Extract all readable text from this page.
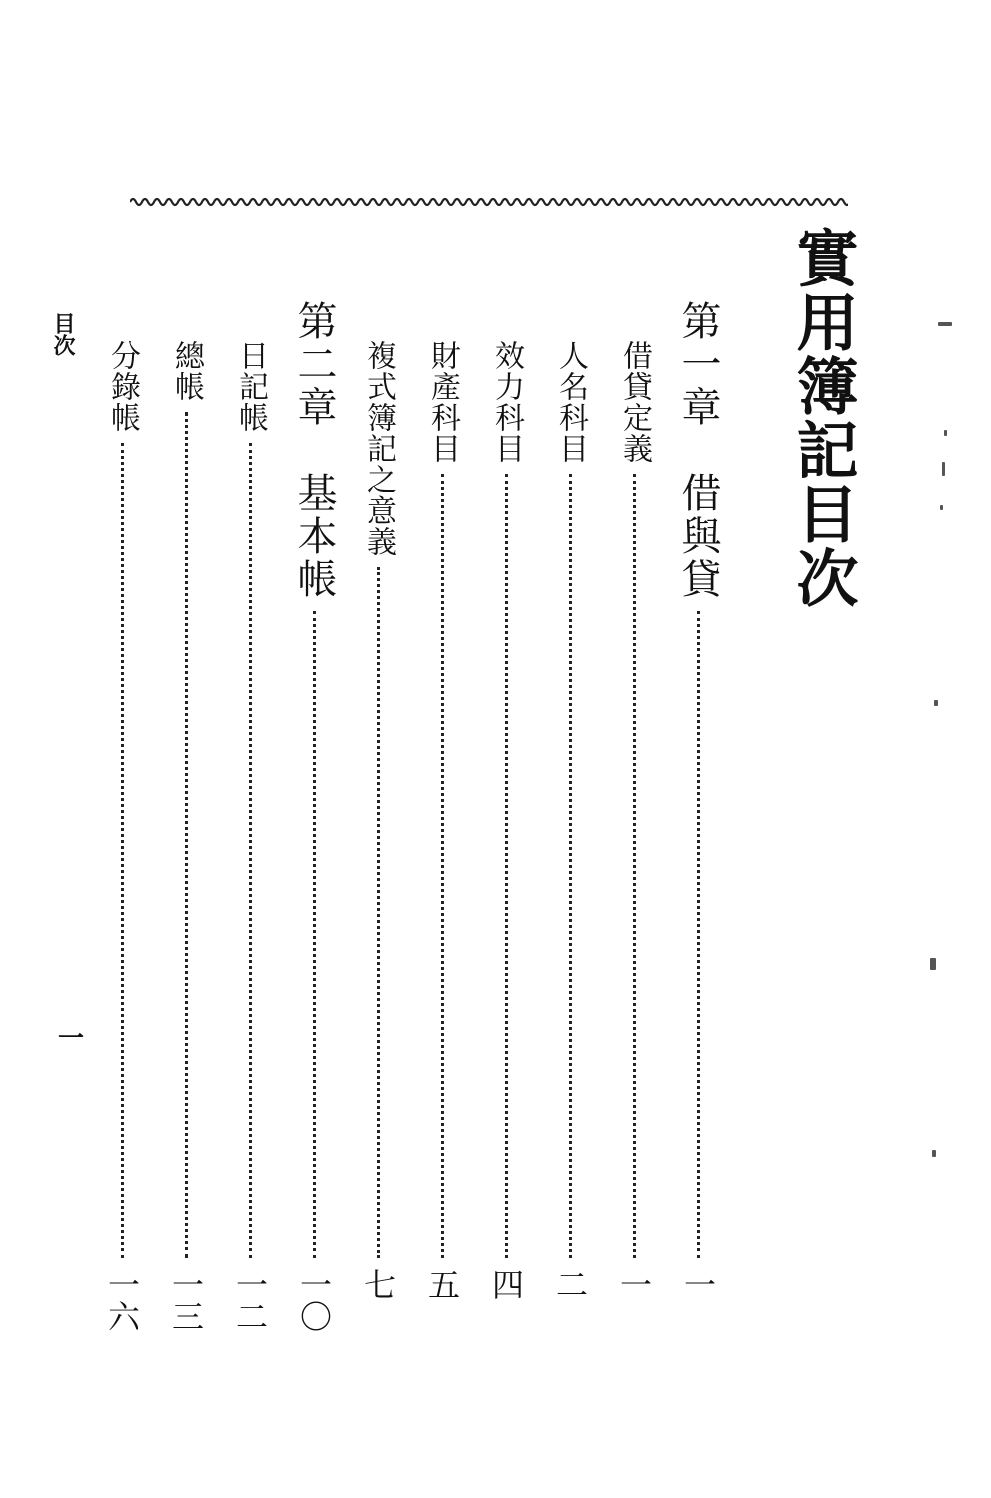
實用簿記目次
第一章　借與貸
一
借貸定義
一
人名科目
二
效力科目
四
財產科目
五
複式簿記之意義
七
第二章　基本帳
一〇
日記帳
一二
總帳
一三
分錄帳
一六
目次
一
